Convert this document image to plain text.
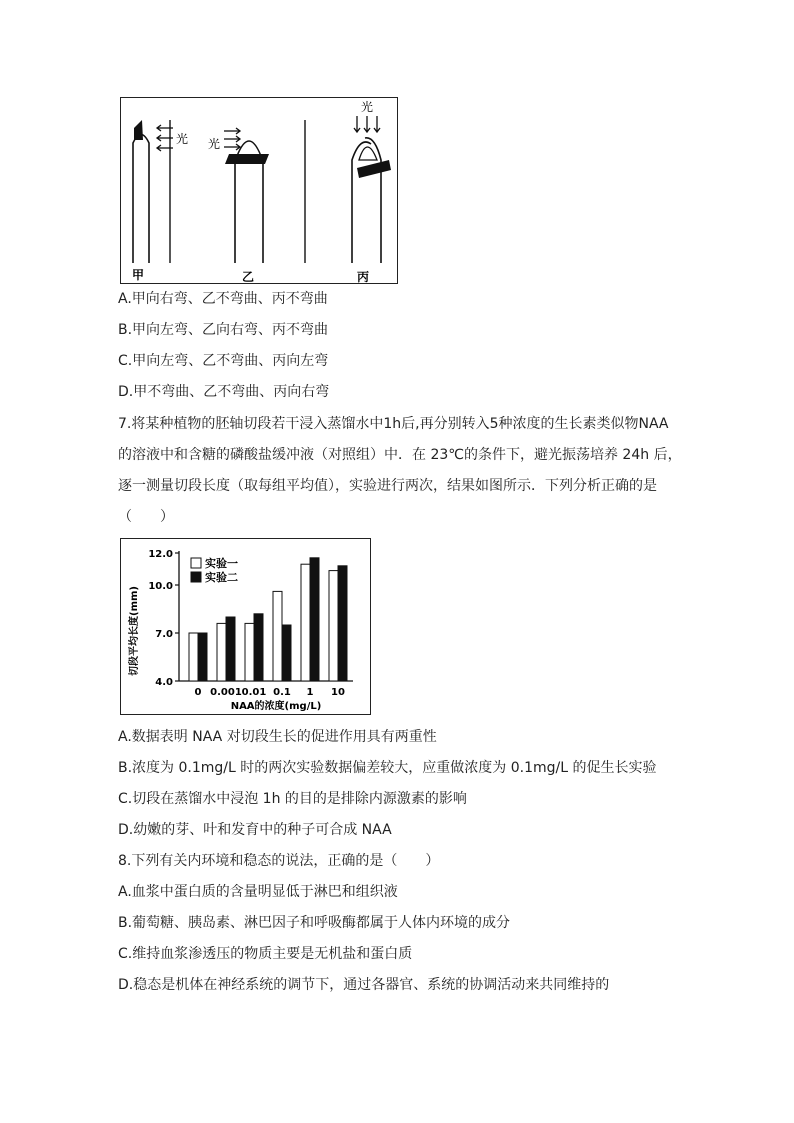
光 光
光
甲	乙	丙
A.甲向右弯、乙不弯曲、丙不弯曲
B.甲向左弯、乙向右弯、丙不弯曲
C.甲向左弯、乙不弯曲、丙向左弯
D.甲不弯曲、乙不弯曲、丙向右弯
7.将某种植物的胚轴切段若干浸入蒸馏水中1h后,再分别转入5种浓度的生长素类似物NAA
的溶液中和含糖的磷酸盐缓冲液（对照组）中．在 23℃的条件下，避光振荡培养 24h 后，
逐一测量切段长度（取每组平均值），实验进行两次，结果如图所示．下列分析正确的是
（　　）
切段平均长度(mm)
NAA的浓度(mg/L)
4.0
7.0
10.0
12.0
0 0.001 0.01 0.1 1 10
实验一
实验二
A.数据表明 NAA 对切段生长的促进作用具有两重性
B.浓度为 0.1mg/L 时的两次实验数据偏差较大，应重做浓度为 0.1mg/L 的促生长实验
C.切段在蒸馏水中浸泡 1h 的目的是排除内源激素的影响
D.幼嫩的芽、叶和发育中的种子可合成 NAA
8.下列有关内环境和稳态的说法，正确的是（　　）
A.血浆中蛋白质的含量明显低于淋巴和组织液
B.葡萄糖、胰岛素、淋巴因子和呼吸酶都属于人体内环境的成分
C.维持血浆渗透压的物质主要是无机盐和蛋白质
D.稳态是机体在神经系统的调节下，通过各器官、系统的协调活动来共同维持的
